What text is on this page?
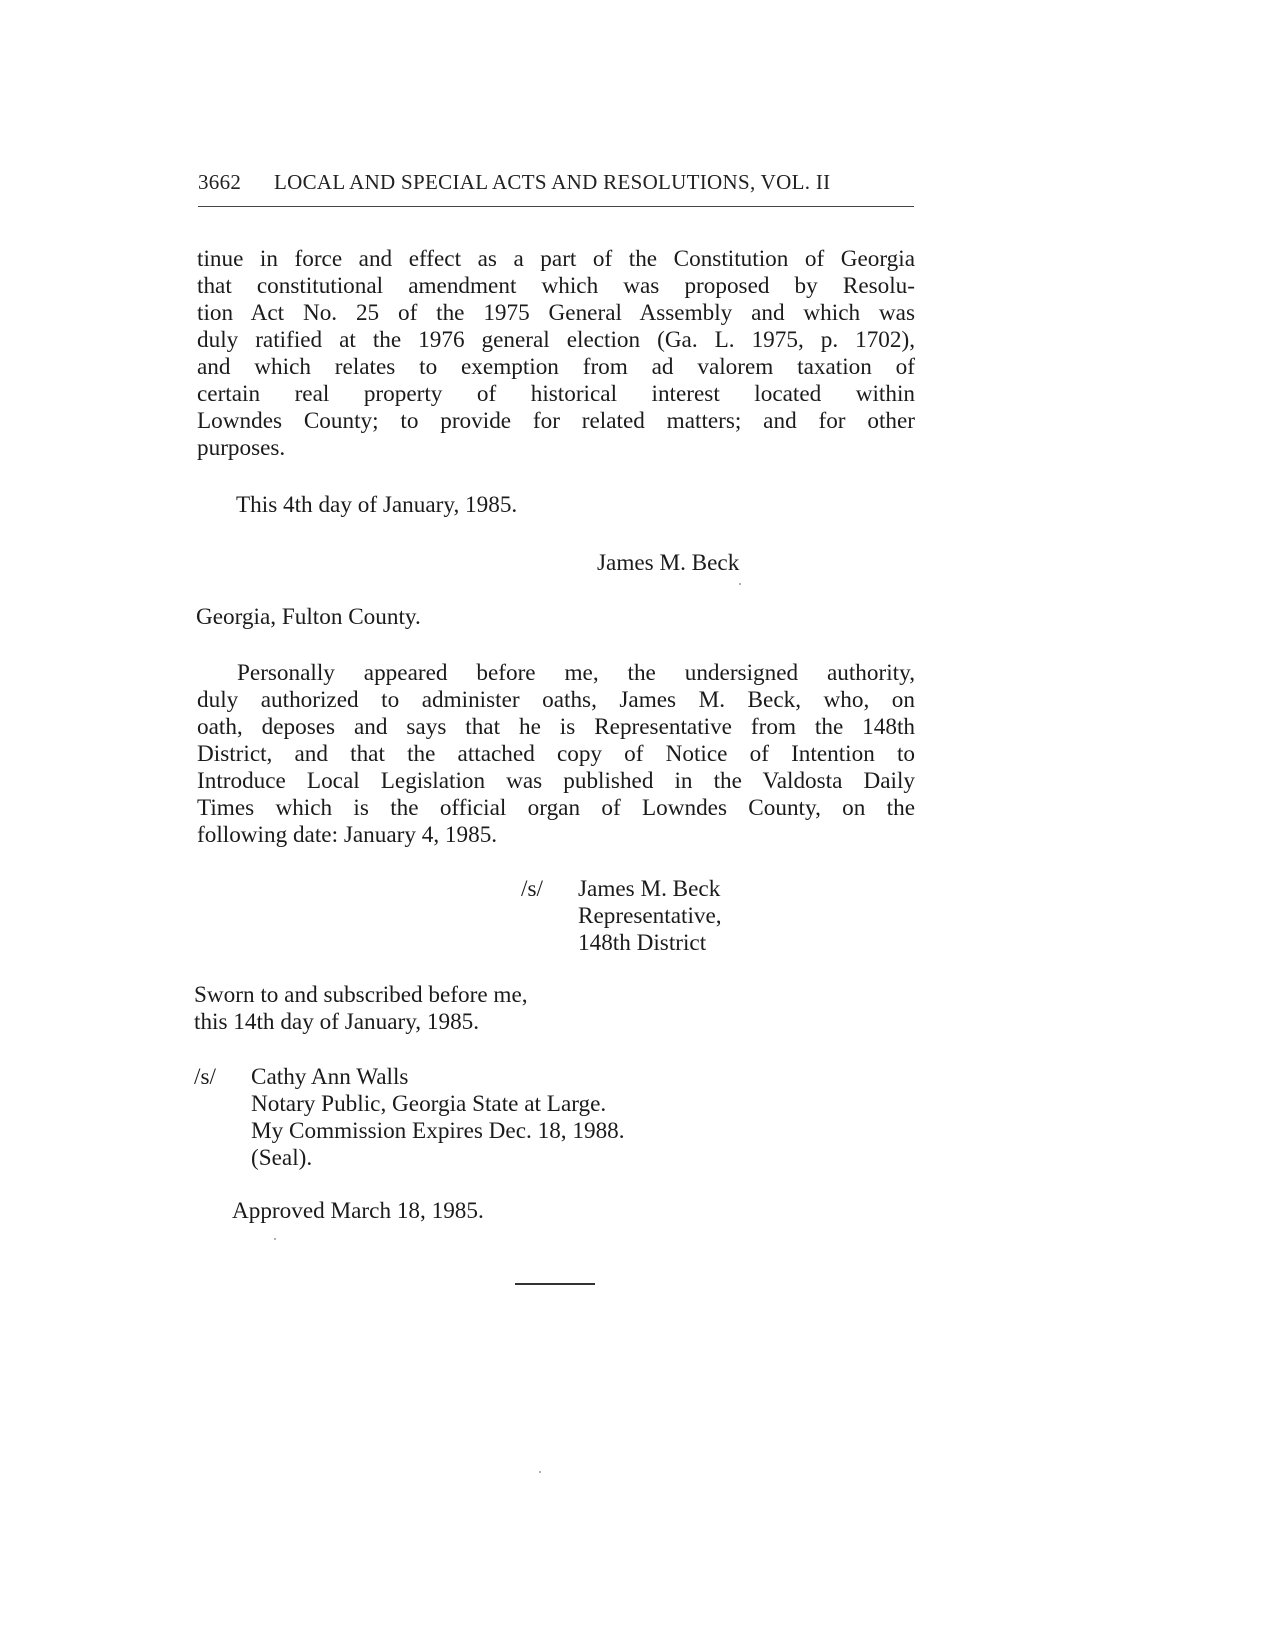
3662 LOCAL AND SPECIAL ACTS AND RESOLUTIONS, VOL. II
tinue in force and effect as a part of the Constitution of Georgia
that constitutional amendment which was proposed by Resolu-
tion Act No. 25 of the 1975 General Assembly and which was
duly ratified at the 1976 general election (Ga. L. 1975, p. 1702),
and which relates to exemption from ad valorem taxation of
certain real property of historical interest located within
Lowndes County; to provide for related matters; and for other
purposes.
This 4th day of January, 1985.
James M. Beck
Georgia, Fulton County.
Personally appeared before me, the undersigned authority,
duly authorized to administer oaths, James M. Beck, who, on
oath, deposes and says that he is Representative from the 148th
District, and that the attached copy of Notice of Intention to
Introduce Local Legislation was published in the Valdosta Daily
Times which is the official organ of Lowndes County, on the
following date: January 4, 1985.
/s/ James M. Beck
Representative,
148th District
Sworn to and subscribed before me,
this 14th day of January, 1985.
/s/ Cathy Ann Walls
Notary Public, Georgia State at Large.
My Commission Expires Dec. 18, 1988.
(Seal).
Approved March 18, 1985.
